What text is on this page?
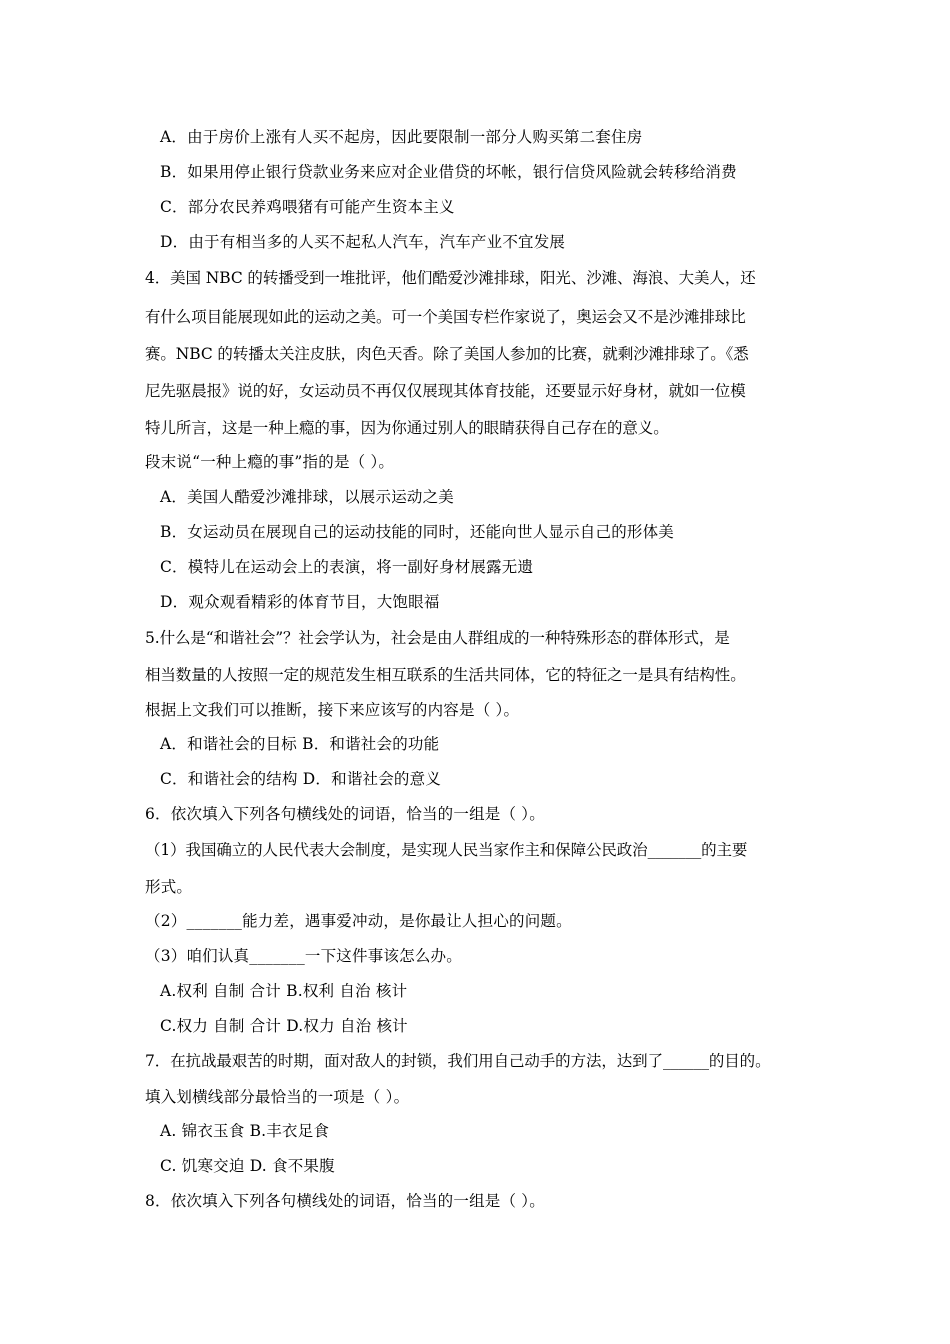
A．由于房价上涨有人买不起房，因此要限制一部分人购买第二套住房
B．如果用停止银行贷款业务来应对企业借贷的坏帐，银行信贷风险就会转移给消费
C．部分农民养鸡喂猪有可能产生资本主义
D．由于有相当多的人买不起私人汽车，汽车产业不宜发展
4．美国 NBC 的转播受到一堆批评，他们酷爱沙滩排球，阳光、沙滩、海浪、大美人，还
有什么项目能展现如此的运动之美。可一个美国专栏作家说了，奥运会又不是沙滩排球比
赛。NBC 的转播太关注皮肤，肉色天香。除了美国人参加的比赛，就剩沙滩排球了。《悉
尼先驱晨报》说的好，女运动员不再仅仅展现其体育技能，还要显示好身材，就如一位模
特儿所言，这是一种上瘾的事，因为你通过别人的眼睛获得自己存在的意义。
段末说“一种上瘾的事”指的是（ ）。
A．美国人酷爱沙滩排球，以展示运动之美
B．女运动员在展现自己的运动技能的同时，还能向世人显示自己的形体美
C．模特儿在运动会上的表演，将一副好身材展露无遗
D．观众观看精彩的体育节目，大饱眼福
5.什么是“和谐社会”？社会学认为，社会是由人群组成的一种特殊形态的群体形式，是
相当数量的人按照一定的规范发生相互联系的生活共同体，它的特征之一是具有结构性。
根据上文我们可以推断，接下来应该写的内容是（ ）。
A．和谐社会的目标 B．和谐社会的功能
C．和谐社会的结构 D．和谐社会的意义
6．依次填入下列各句横线处的词语，恰当的一组是（ ）。
（1）我国确立的人民代表大会制度，是实现人民当家作主和保障公民政治_______的主要
形式。
（2）_______能力差，遇事爱冲动，是你最让人担心的问题。
（3）咱们认真_______一下这件事该怎么办。
A.权利 自制 合计 B.权利 自治 核计
C.权力 自制 合计 D.权力 自治 核计
7．在抗战最艰苦的时期，面对敌人的封锁，我们用自己动手的方法，达到了______的目的。
填入划横线部分最恰当的一项是（ ）。
A. 锦衣玉食 B.丰衣足食
C. 饥寒交迫 D. 食不果腹
8．依次填入下列各句横线处的词语，恰当的一组是（ ）。
